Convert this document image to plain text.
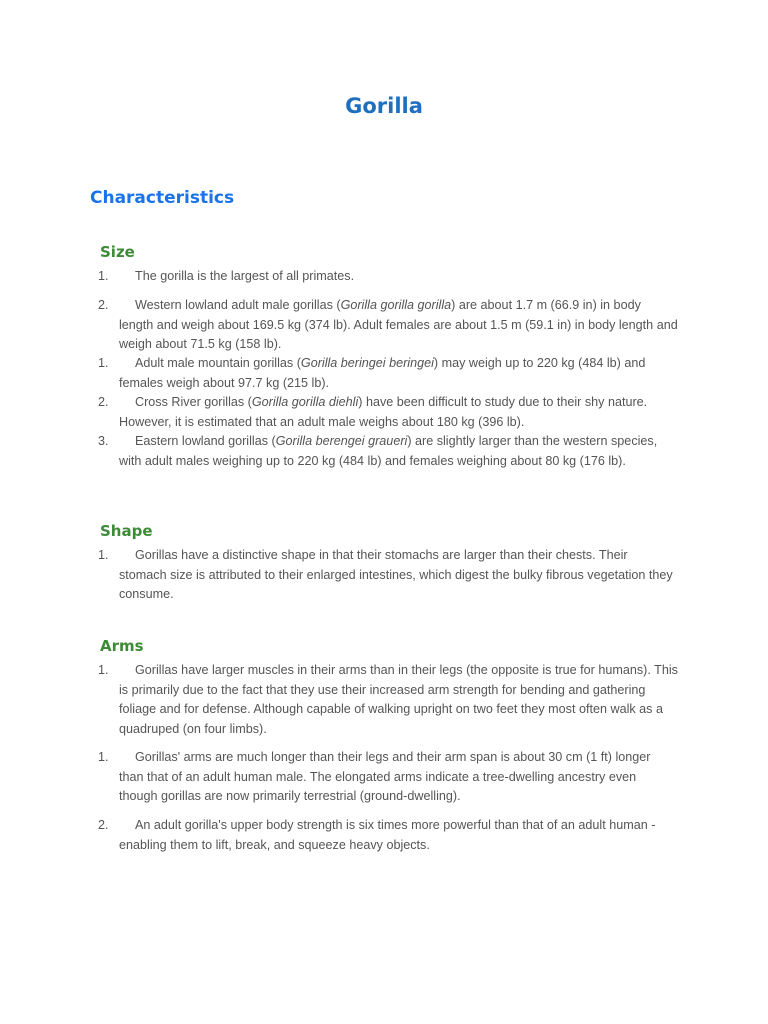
Gorilla
Characteristics
Size
1.	The gorilla is the largest of all primates.
2.	Western lowland adult male gorillas (Gorilla gorilla gorilla) are about 1.7 m (66.9 in) in body length and weigh about 169.5 kg (374 lb). Adult females are about 1.5 m (59.1 in) in body length and weigh about 71.5 kg (158 lb).
1.	Adult male mountain gorillas (Gorilla beringei beringei) may weigh up to 220 kg (484 lb) and females weigh about 97.7 kg (215 lb).
2.	Cross River gorillas (Gorilla gorilla diehli) have been difficult to study due to their shy nature. However, it is estimated that an adult male weighs about 180 kg (396 lb).
3.	Eastern lowland gorillas (Gorilla berengei graueri) are slightly larger than the western species, with adult males weighing up to 220 kg (484 lb) and females weighing about 80 kg (176 lb).
Shape
1.	Gorillas have a distinctive shape in that their stomachs are larger than their chests. Their stomach size is attributed to their enlarged intestines, which digest the bulky fibrous vegetation they consume.
Arms
1.	Gorillas have larger muscles in their arms than in their legs (the opposite is true for humans). This is primarily due to the fact that they use their increased arm strength for bending and gathering foliage and for defense. Although capable of walking upright on two feet they most often walk as a quadruped (on four limbs).
1.	Gorillas' arms are much longer than their legs and their arm span is about 30 cm (1 ft) longer than that of an adult human male. The elongated arms indicate a tree-dwelling ancestry even though gorillas are now primarily terrestrial (ground-dwelling).
2.	An adult gorilla's upper body strength is six times more powerful than that of an adult human - enabling them to lift, break, and squeeze heavy objects.
